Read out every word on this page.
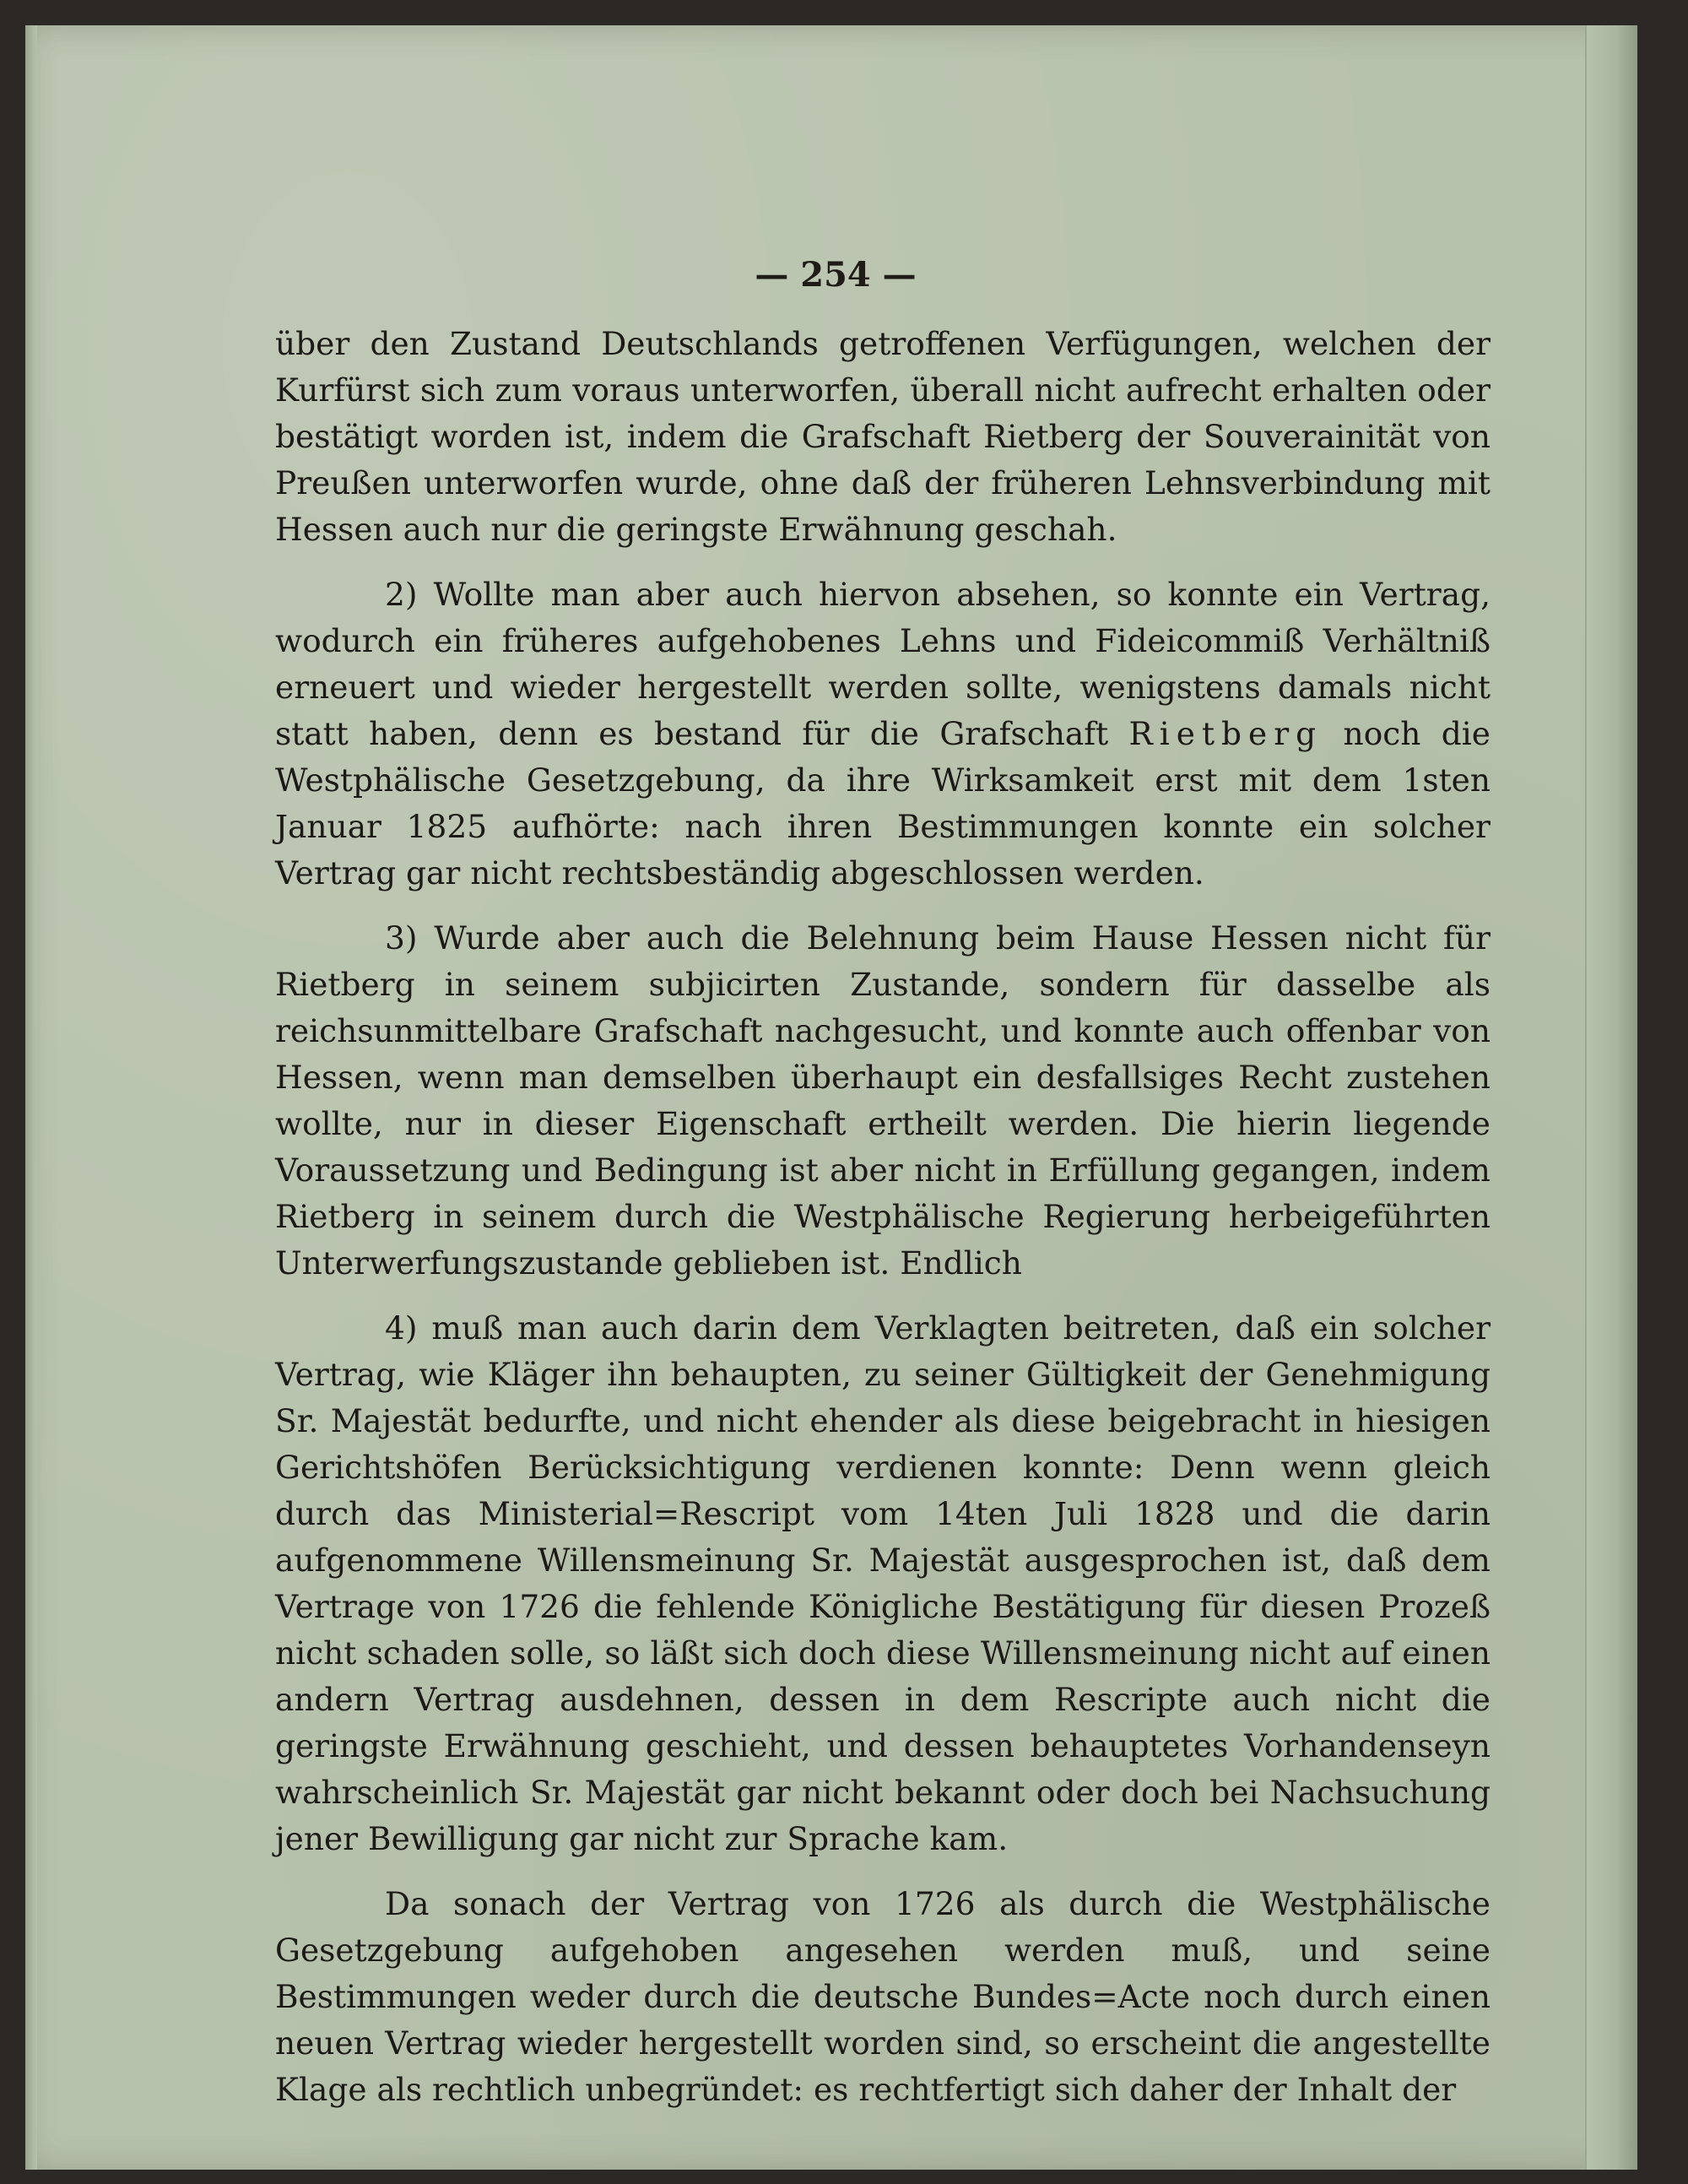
— 254 —

über den Zustand Deutschlands getroffenen Verfügungen, welchen der Kurfürst sich zum voraus unterworfen, überall nicht aufrecht erhalten oder bestätigt worden ist, indem die Grafschaft Rietberg der Souverainität von Preußen unterworfen wurde, ohne daß der früheren Lehnsverbindung mit Hessen auch nur die geringste Erwähnung geschah.

2) Wollte man aber auch hiervon absehen, so konnte ein Vertrag, wodurch ein früheres aufgehobenes Lehns und Fideicommiß Verhältniß erneuert und wieder hergestellt werden sollte, wenigstens damals nicht statt haben, denn es bestand für die Grafschaft Rietberg noch die Westphälische Gesetzgebung, da ihre Wirksamkeit erst mit dem 1sten Januar 1825 aufhörte: nach ihren Bestimmungen konnte ein solcher Vertrag gar nicht rechtsbeständig abgeschlossen werden.

3) Wurde aber auch die Belehnung beim Hause Hessen nicht für Rietberg in seinem subjicirten Zustande, sondern für dasselbe als reichsunmittelbare Grafschaft nachgesucht, und konnte auch offenbar von Hessen, wenn man demselben überhaupt ein desfallsiges Recht zustehen wollte, nur in dieser Eigenschaft ertheilt werden. Die hierin liegende Voraussetzung und Bedingung ist aber nicht in Erfüllung gegangen, indem Rietberg in seinem durch die Westphälische Regierung herbeigeführten Unterwerfungszustande geblieben ist. Endlich

4) muß man auch darin dem Verklagten beitreten, daß ein solcher Vertrag, wie Kläger ihn behaupten, zu seiner Gültigkeit der Genehmigung Sr. Majestät bedurfte, und nicht ehender als diese beigebracht in hiesigen Gerichtshöfen Berücksichtigung verdienen konnte: Denn wenn gleich durch das Ministerial=Rescript vom 14ten Juli 1828 und die darin aufgenommene Willensmeinung Sr. Majestät ausgesprochen ist, daß dem Vertrage von 1726 die fehlende Königliche Bestätigung für diesen Prozeß nicht schaden solle, so läßt sich doch diese Willensmeinung nicht auf einen andern Vertrag ausdehnen, dessen in dem Rescripte auch nicht die geringste Erwähnung geschieht, und dessen behauptetes Vorhandenseyn wahrscheinlich Sr. Majestät gar nicht bekannt oder doch bei Nachsuchung jener Bewilligung gar nicht zur Sprache kam.

Da sonach der Vertrag von 1726 als durch die Westphälische Gesetzgebung aufgehoben angesehen werden muß, und seine Bestimmungen weder durch die deutsche Bundes=Acte noch durch einen neuen Vertrag wieder hergestellt worden sind, so erscheint die angestellte Klage als rechtlich unbegründet: es rechtfertigt sich daher der Inhalt der
